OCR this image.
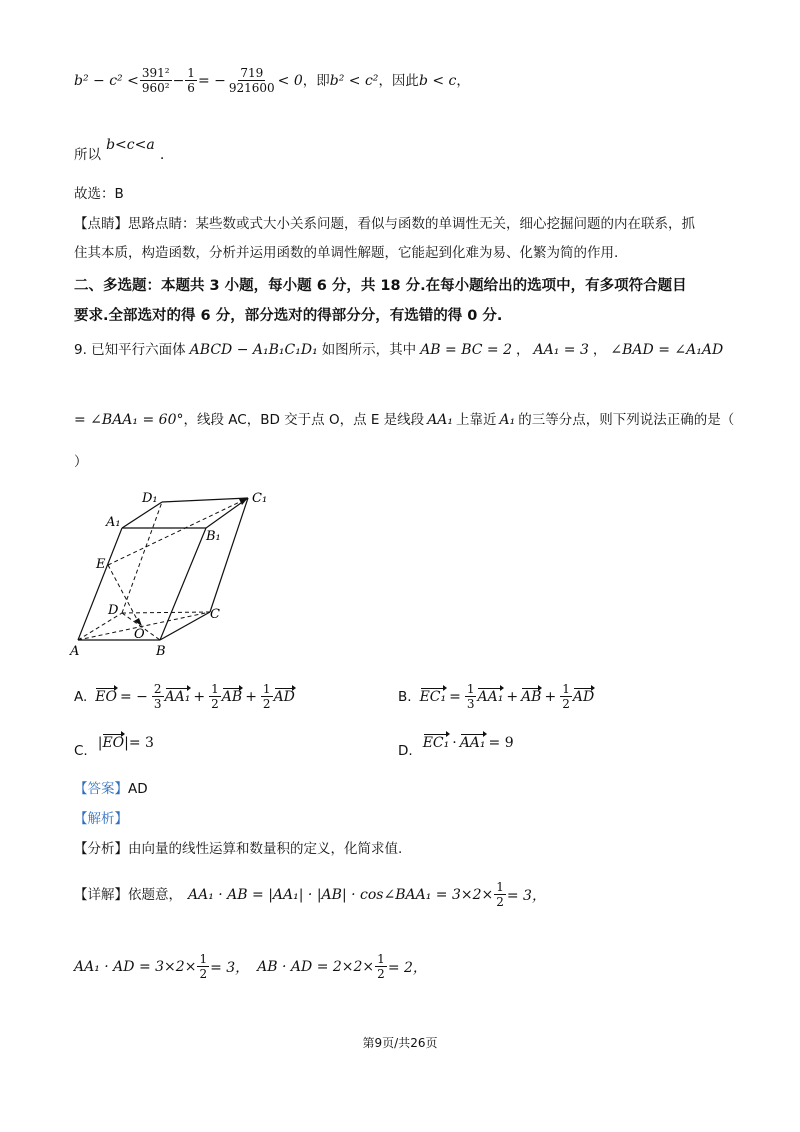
$b^2 - c^2 < \frac{\text{391²}}{\text{960²}} - \frac{1}{6}$ = − $\frac{719}{921600} < 0$ ，即 b² < c² ，因此 b < c ，
$_{所以}$ b<c<a .
故选：B
【点睛】思路点睛：某些数或式大小关系问题，看似与函数的单调性无关，细心挖掘问题的内在联系，抓
住其本质，构造函数，分析并运用函数的单调性解题，它能起到化难为易、化繁为简的作用.
二、多选题：本题共 3 小题，每小题 6 分，共 18 分.在每小题给出的选项中，有多项符合题目
要求.全部选对的得 6 分，部分选对的得部分分，有选错的得 0 分.
9. 已知平行六面体 ABCD − A₁B₁C₁D₁ 如图所示，其中 AB = BC = 2 ， AA₁ = 3 ， ∠BAD = ∠A₁AD
= ∠BAA₁ = 60° ，线段 AC，BD 交于点 O，点 E 是线段 AA₁ 上靠近 A₁ 的三等分点，则下列说法正确的是（
）
D₁	C₁
A₁
B₁
E
D	C
O
A	B
A. EO = − $\frac{2}{3} AA_1 + \frac{1}{2}$ AB + $\frac{1}{2}$ AD	B. $EC_1 = \frac{1}{3} AA_1$ + AB + $\frac{1}{2}$ AD
C. | EO |= 3	D. EC₁ · AA₁ = 9
【答案】AD
【解析】
【分析】由向量的线性运算和数量积的定义，化简求值.
【详解】 依题意， AA₁ · AB = |AA₁| · |AB| · cos∠BAA₁ = $3\times 2\times \frac{1}{2} = 3$，
AA₁ · AD = $3\times 2\times \frac{1}{2} = 3$， AB · AD = $2\times 2\times \frac{1}{2} = 2$，
第9页/共26页
